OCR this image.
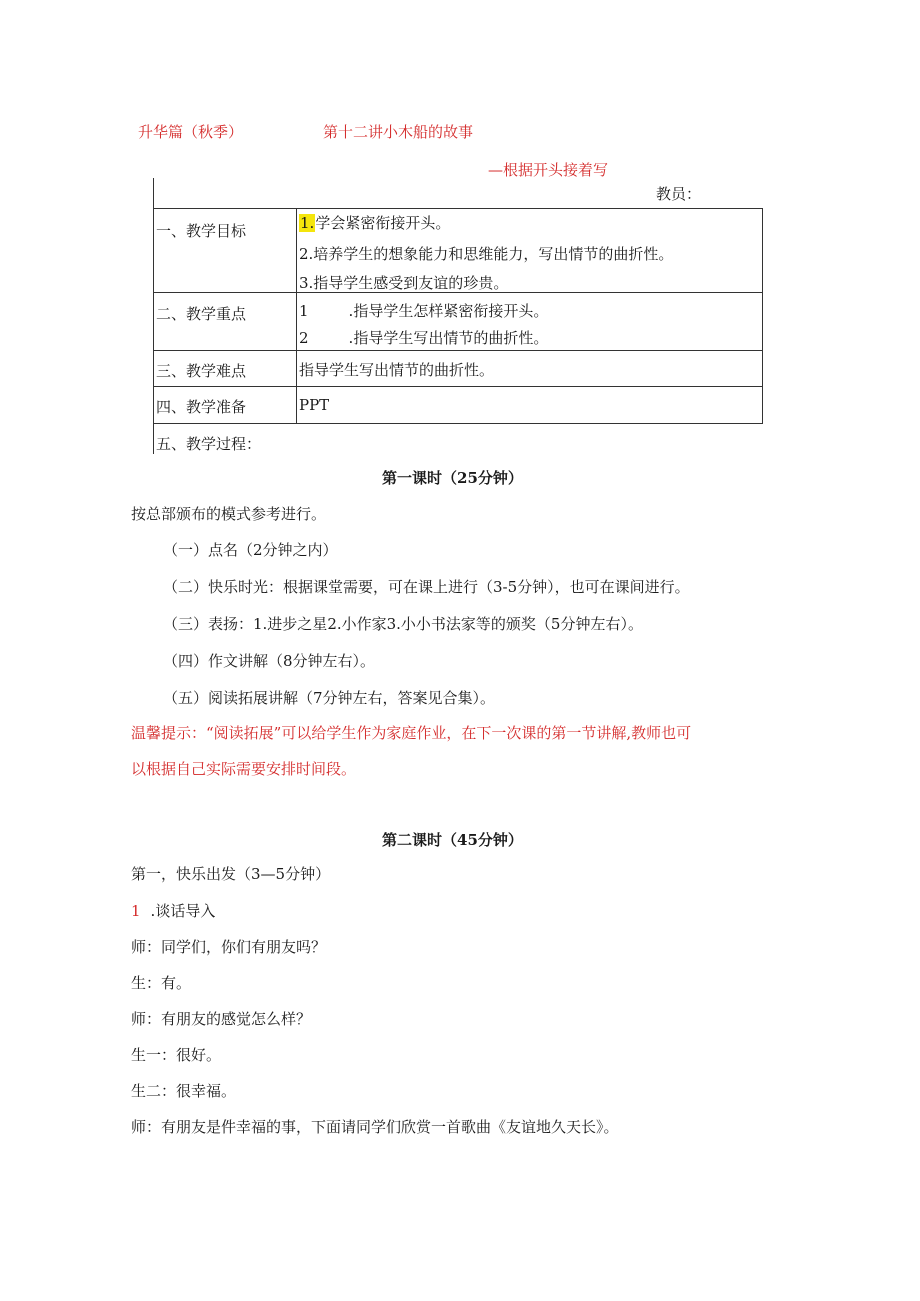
升华篇（秋季）	第十二讲小木船的故事
—根据开头接着写
教员：
一、教学目标	1.学会紧密衔接开头。
2.培养学生的想象能力和思维能力，写出情节的曲折性。
3.指导学生感受到友谊的珍贵。
二、教学重点	1	.指导学生怎样紧密衔接开头。
2	.指导学生写出情节的曲折性。
三、教学难点	指导学生写出情节的曲折性。
四、教学准备	PPT
五、教学过程：
第一课时（25分钟）
按总部颁布的模式参考进行。
（一）点名（2分钟之内）
（二）快乐时光：根据课堂需要，可在课上进行（3-5分钟），也可在课间进行。
（三）表扬：1.进步之星2.小作家3.小小书法家等的颁奖（5分钟左右）。
（四）作文讲解（8分钟左右）。
（五）阅读拓展讲解（7分钟左右，答案见合集）。
温馨提示：“阅读拓展”可以给学生作为家庭作业，在下一次课的第一节讲解,教师也可
以根据自己实际需要安排时间段。
第二课时（45分钟）
第一，快乐出发（3—5分钟）
1 .谈话导入
师：同学们，你们有朋友吗？
生：有。
师：有朋友的感觉怎么样？
生一：很好。
生二：很幸福。
师：有朋友是件幸福的事，下面请同学们欣赏一首歌曲《友谊地久天长》。
